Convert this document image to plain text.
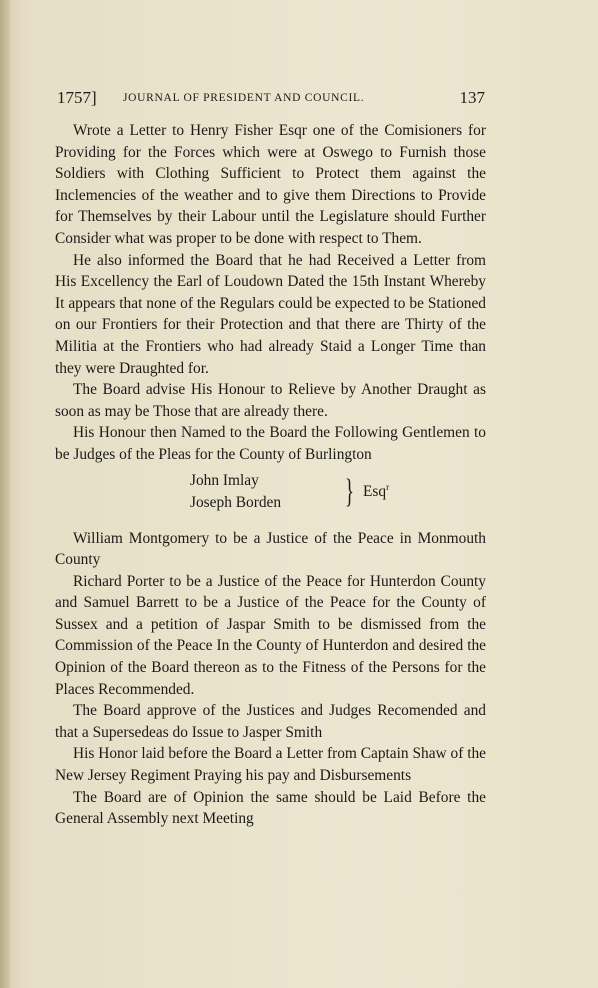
1757] JOURNAL OF PRESIDENT AND COUNCIL.	137

Wrote a Letter to Henry Fisher Esqr one of the Comisioners for Providing for the Forces which were at Oswego to Furnish those Soldiers with Clothing Sufficient to Protect them against the Inclemencies of the weather and to give them Directions to Provide for Themselves by their Labour until the Legislature should Further Consider what was proper to be done with respect to Them.

He also informed the Board that he had Received a Letter from His Excellency the Earl of Loudown Dated the 15th Instant Whereby It appears that none of the Regulars could be expected to be Stationed on our Frontiers for their Protection and that there are Thirty of the Militia at the Frontiers who had already Staid a Longer Time than they were Draughted for.

The Board advise His Honour to Relieve by Another Draught as soon as may be Those that are already there.

His Honour then Named to the Board the Following Gentlemen to be Judges of the Pleas for the County of Burlington

John Imlay
Joseph Borden } Esq$^r$

William Montgomery to be a Justice of the Peace in Monmouth County

Richard Porter to be a Justice of the Peace for Hunterdon County and Samuel Barrett to be a Justice of the Peace for the County of Sussex and a petition of Jaspar Smith to be dismissed from the Commission of the Peace In the County of Hunterdon and desired the Opinion of the Board thereon as to the Fitness of the Persons for the Places Recommended.

The Board approve of the Justices and Judges Recomended and that a Supersedeas do Issue to Jasper Smith

His Honor laid before the Board a Letter from Captain Shaw of the New Jersey Regiment Praying his pay and Disbursements

The Board are of Opinion the same should be Laid Before the General Assembly next Meeting
